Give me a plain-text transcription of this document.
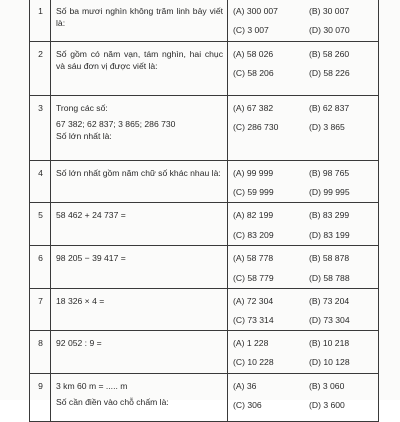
1	Số ba mươi nghìn không trăm linh bảy viết là:	(A) 300 007 (B) 30 007
(C) 3 007 (D) 30 070

2	Số gồm có năm vạn, tám nghìn, hai chục và sáu đơn vị được viết là:	(A) 58 026 (B) 58 260
(C) 58 206 (D) 58 226

3	Trong các số:
67 382; 62 837; 3 865; 286 730
Số lớn nhất là:	(A) 67 382 (B) 62 837
(C) 286 730 (D) 3 865

4	Số lớn nhất gồm năm chữ số khác nhau là:	(A) 99 999 (B) 98 765
(C) 59 999 (D) 99 995

5	58 462 + 24 737 =	(A) 82 199 (B) 83 299
(C) 83 209 (D) 83 199

6	98 205 − 39 417 =	(A) 58 778 (B) 58 878
(C) 58 779 (D) 58 788

7	18 326 × 4 =	(A) 72 304 (B) 73 204
(C) 73 314 (D) 73 304

8	92 052 : 9 =	(A) 1 228 (B) 10 218
(C) 10 228 (D) 10 128

9	3 km 60 m = ..... m
Số cần điền vào chỗ chấm là:	(A) 36 (B) 3 060
(C) 306 (D) 3 600
